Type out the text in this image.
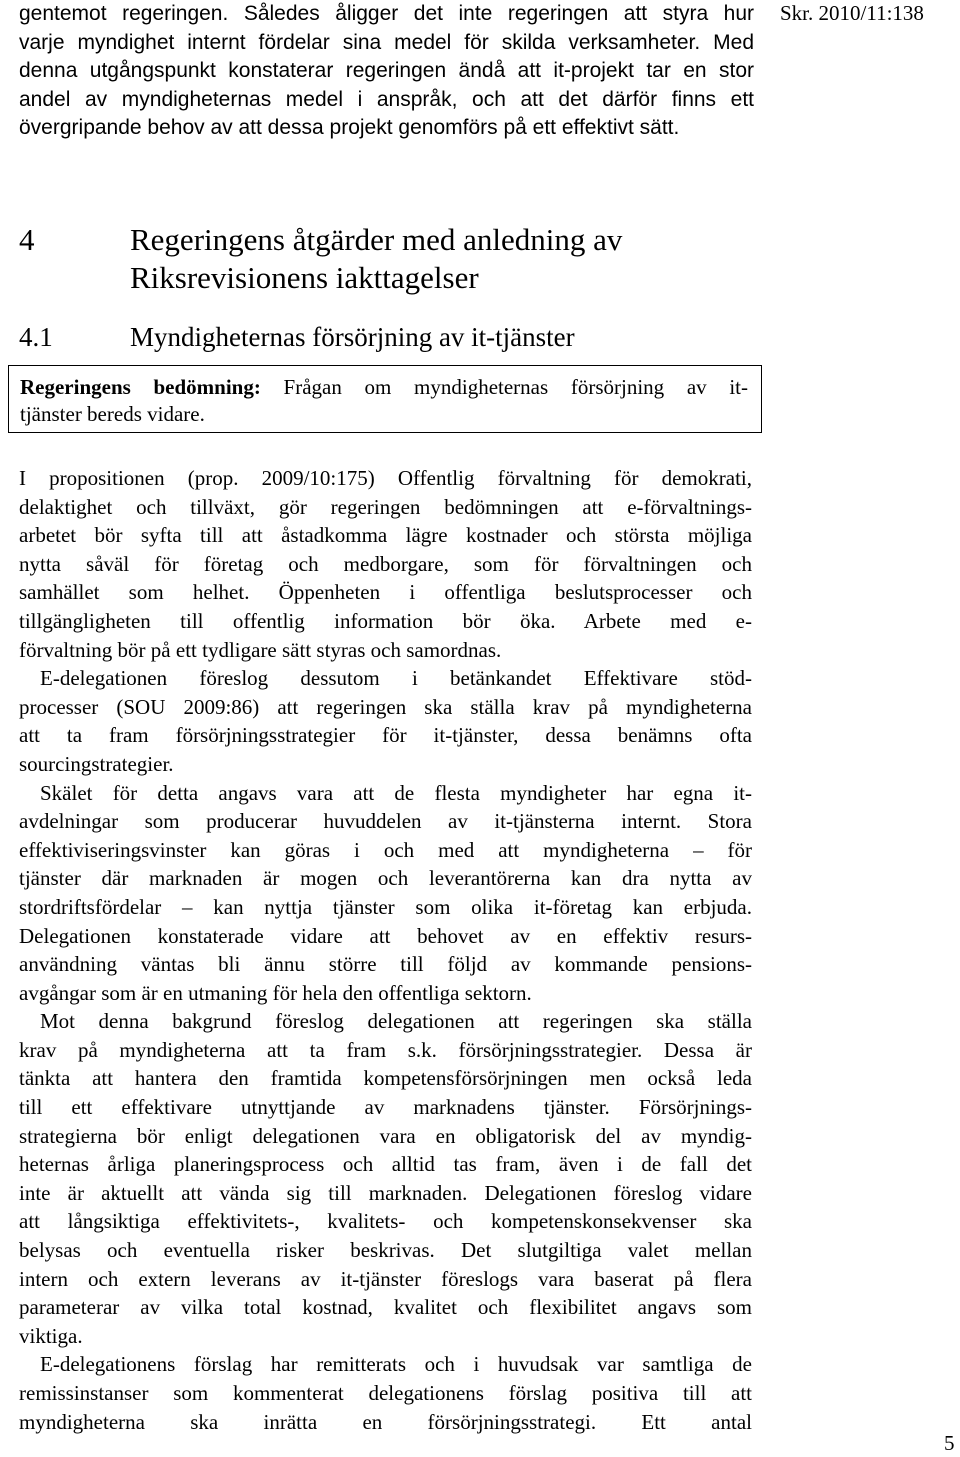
gentemot regeringen. Således åligger det inte regeringen att styra hur
varje myndighet internt fördelar sina medel för skilda verksamheter. Med
denna utgångspunkt konstaterar regeringen ändå att it-projekt tar en stor
andel av myndigheternas medel i anspråk, och att det därför finns ett
övergripande behov av att dessa projekt genomförs på ett effektivt sätt.
Skr. 2010/11:138
4	Regeringens åtgärder med anledning av
Riksrevisionens iakttagelser
4.1	Myndigheternas försörjning av it-tjänster
Regeringens bedömning: Frågan om myndigheternas försörjning av it-
tjänster bereds vidare.
I propositionen (prop. 2009/10:175) Offentlig förvaltning för demokrati,
delaktighet och tillväxt, gör regeringen bedömningen att e-förvaltnings-
arbetet bör syfta till att åstadkomma lägre kostnader och största möjliga
nytta såväl för företag och medborgare, som för förvaltningen och
samhället som helhet. Öppenheten i offentliga beslutsprocesser och
tillgängligheten till offentlig information bör öka. Arbete med e-
förvaltning bör på ett tydligare sätt styras och samordnas.
E-delegationen föreslog dessutom i betänkandet Effektivare stöd-
processer (SOU 2009:86) att regeringen ska ställa krav på myndigheterna
att ta fram försörjningsstrategier för it-tjänster, dessa benämns ofta
sourcingstrategier.
Skälet för detta angavs vara att de flesta myndigheter har egna it-
avdelningar som producerar huvuddelen av it-tjänsterna internt. Stora
effektiviseringsvinster kan göras i och med att myndigheterna – för
tjänster där marknaden är mogen och leverantörerna kan dra nytta av
stordriftsfördelar – kan nyttja tjänster som olika it-företag kan erbjuda.
Delegationen konstaterade vidare att behovet av en effektiv resurs-
användning väntas bli ännu större till följd av kommande pensions-
avgångar som är en utmaning för hela den offentliga sektorn.
Mot denna bakgrund föreslog delegationen att regeringen ska ställa
krav på myndigheterna att ta fram s.k. försörjningsstrategier. Dessa är
tänkta att hantera den framtida kompetensförsörjningen men också leda
till ett effektivare utnyttjande av marknadens tjänster. Försörjnings-
strategierna bör enligt delegationen vara en obligatorisk del av myndig-
heternas årliga planeringsprocess och alltid tas fram, även i de fall det
inte är aktuellt att vända sig till marknaden. Delegationen föreslog vidare
att långsiktiga effektivitets-, kvalitets- och kompetenskonsekvenser ska
belysas och eventuella risker beskrivas. Det slutgiltiga valet mellan
intern och extern leverans av it-tjänster föreslogs vara baserat på flera
parameterar av vilka total kostnad, kvalitet och flexibilitet angavs som
viktiga.
E-delegationens förslag har remitterats och i huvudsak var samtliga de
remissinstanser som kommenterat delegationens förslag positiva till att
myndigheterna ska inrätta en försörjningsstrategi. Ett antal
5
